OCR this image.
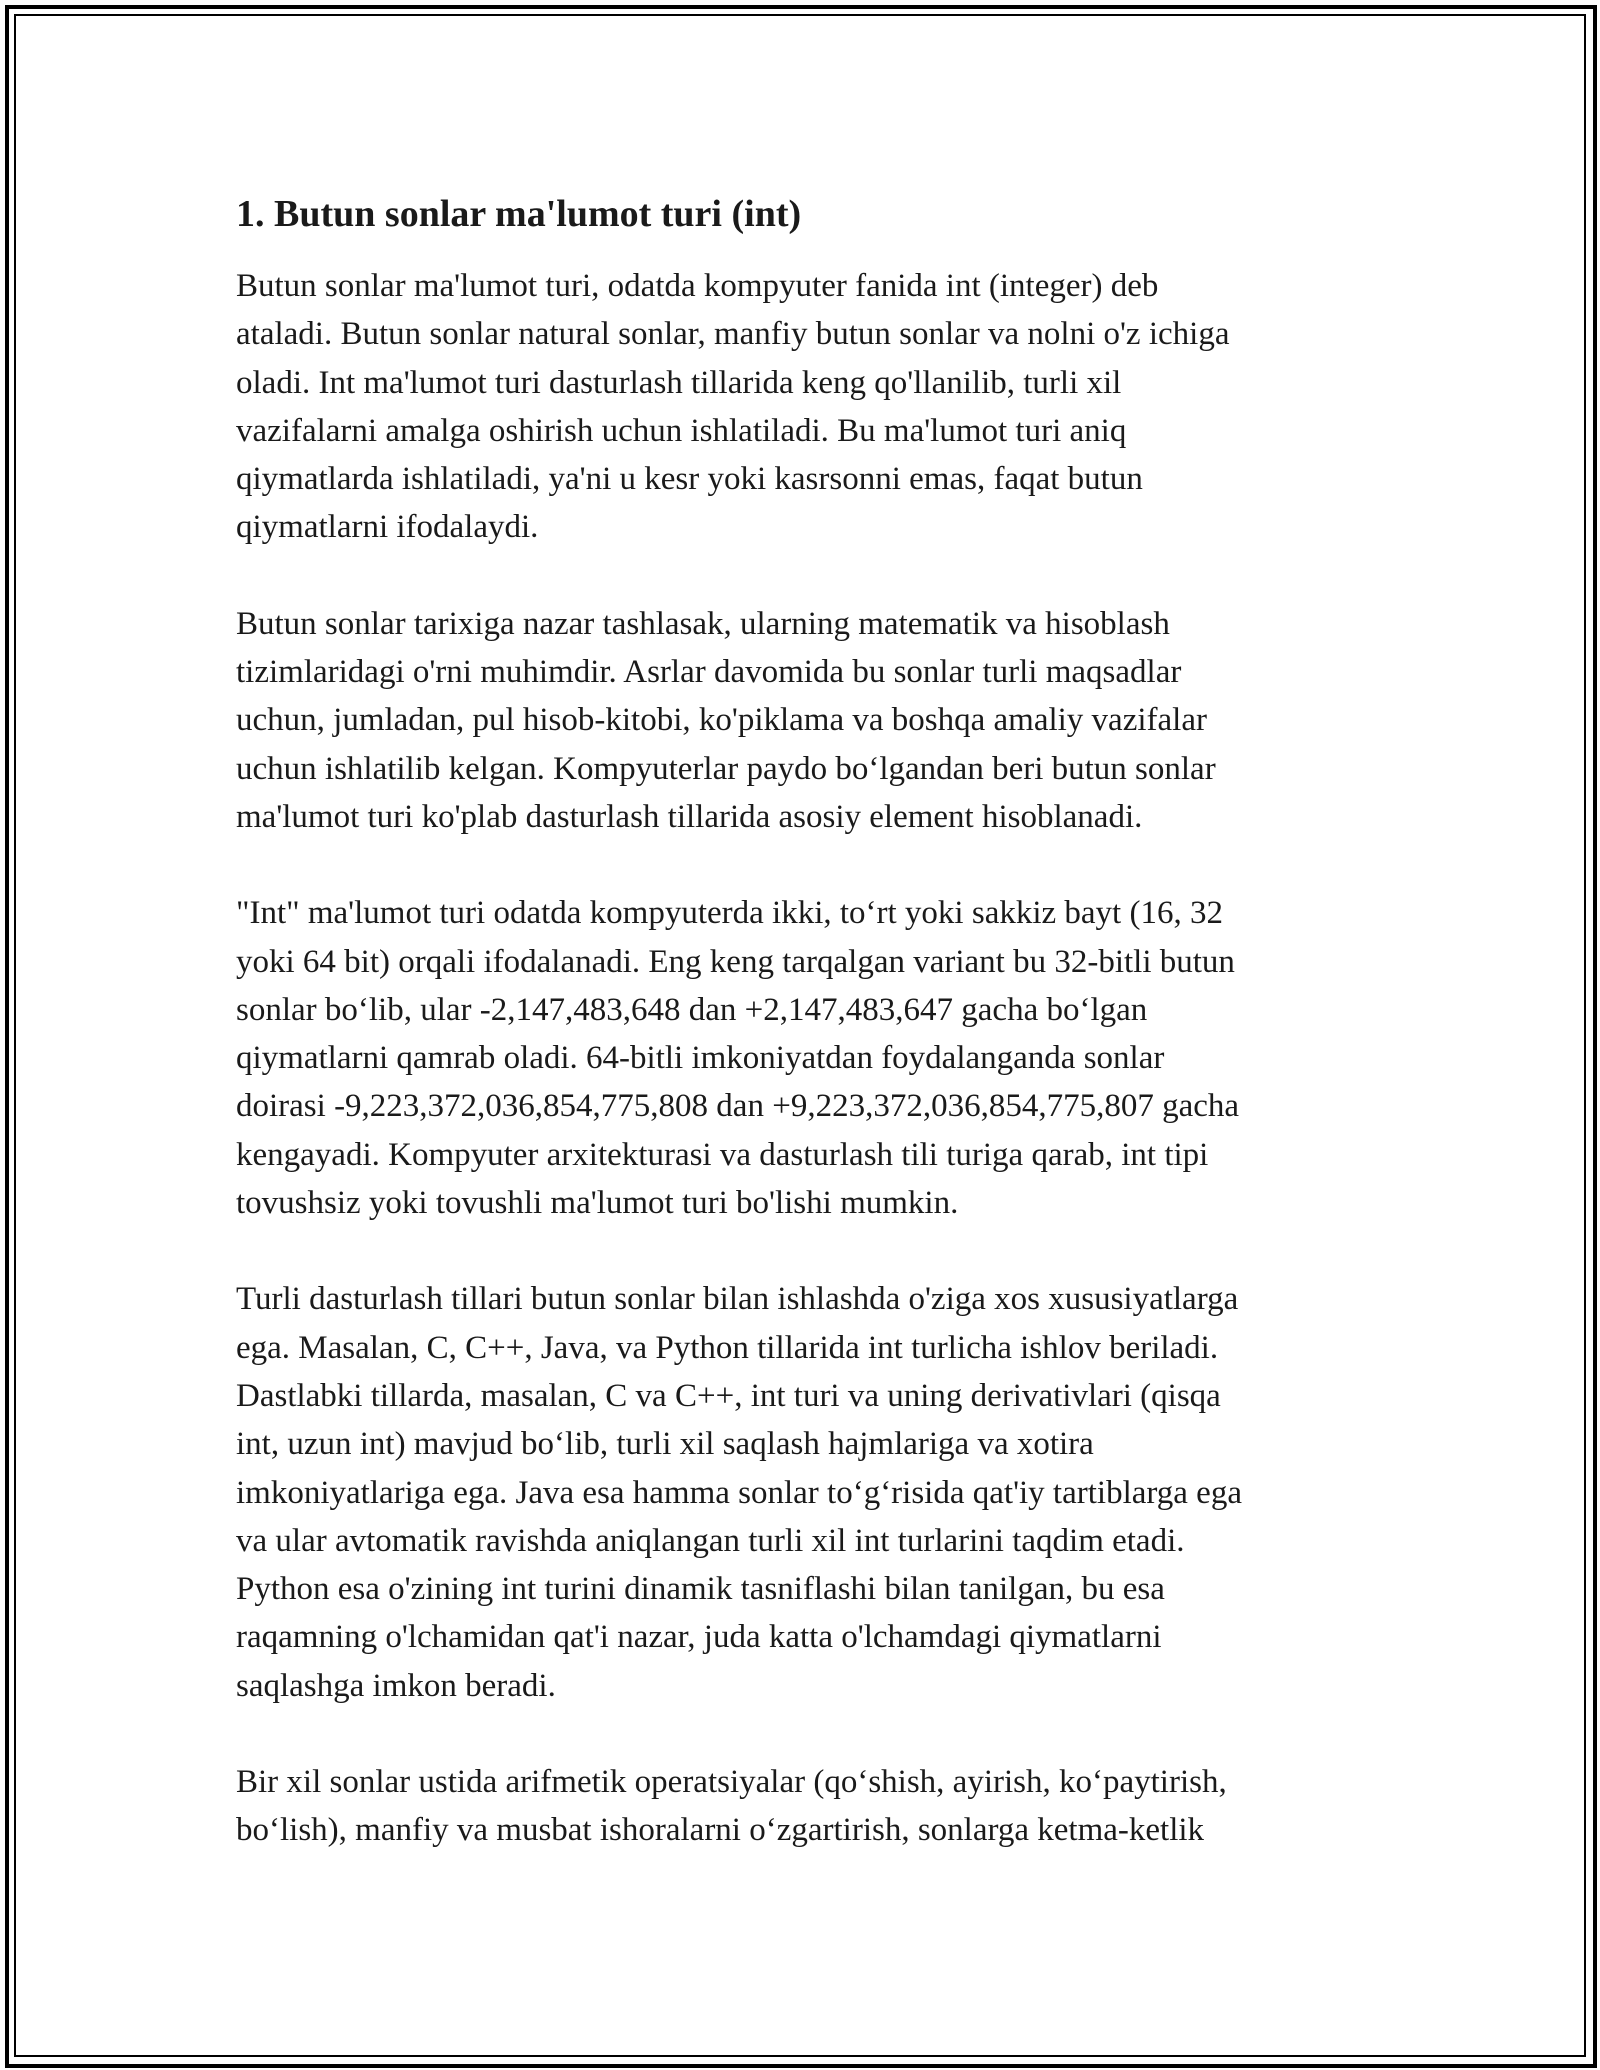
1. Butun sonlar ma'lumot turi (int)

Butun sonlar ma'lumot turi, odatda kompyuter fanida int (integer) deb
ataladi. Butun sonlar natural sonlar, manfiy butun sonlar va nolni o'z ichiga
oladi. Int ma'lumot turi dasturlash tillarida keng qo'llanilib, turli xil
vazifalarni amalga oshirish uchun ishlatiladi. Bu ma'lumot turi aniq
qiymatlarda ishlatiladi, ya'ni u kesr yoki kasrsonni emas, faqat butun
qiymatlarni ifodalaydi.

Butun sonlar tarixiga nazar tashlasak, ularning matematik va hisoblash
tizimlaridagi o'rni muhimdir. Asrlar davomida bu sonlar turli maqsadlar
uchun, jumladan, pul hisob-kitobi, ko'piklama va boshqa amaliy vazifalar
uchun ishlatilib kelgan. Kompyuterlar paydo bo‘lgandan beri butun sonlar
ma'lumot turi ko'plab dasturlash tillarida asosiy element hisoblanadi.

"Int" ma'lumot turi odatda kompyuterda ikki, to‘rt yoki sakkiz bayt (16, 32
yoki 64 bit) orqali ifodalanadi. Eng keng tarqalgan variant bu 32-bitli butun
sonlar bo‘lib, ular -2,147,483,648 dan +2,147,483,647 gacha bo‘lgan
qiymatlarni qamrab oladi. 64-bitli imkoniyatdan foydalanganda sonlar
doirasi -9,223,372,036,854,775,808 dan +9,223,372,036,854,775,807 gacha
kengayadi. Kompyuter arxitekturasi va dasturlash tili turiga qarab, int tipi
tovushsiz yoki tovushli ma'lumot turi bo'lishi mumkin.

Turli dasturlash tillari butun sonlar bilan ishlashda o'ziga xos xususiyatlarga
ega. Masalan, C, C++, Java, va Python tillarida int turlicha ishlov beriladi.
Dastlabki tillarda, masalan, C va C++, int turi va uning derivativlari (qisqa
int, uzun int) mavjud bo‘lib, turli xil saqlash hajmlariga va xotira
imkoniyatlariga ega. Java esa hamma sonlar to‘g‘risida qat'iy tartiblarga ega
va ular avtomatik ravishda aniqlangan turli xil int turlarini taqdim etadi.
Python esa o'zining int turini dinamik tasniflashi bilan tanilgan, bu esa
raqamning o'lchamidan qat'i nazar, juda katta o'lchamdagi qiymatlarni
saqlashga imkon beradi.

Bir xil sonlar ustida arifmetik operatsiyalar (qo‘shish, ayirish, ko‘paytirish,
bo‘lish), manfiy va musbat ishoralarni o‘zgartirish, sonlarga ketma-ketlik
